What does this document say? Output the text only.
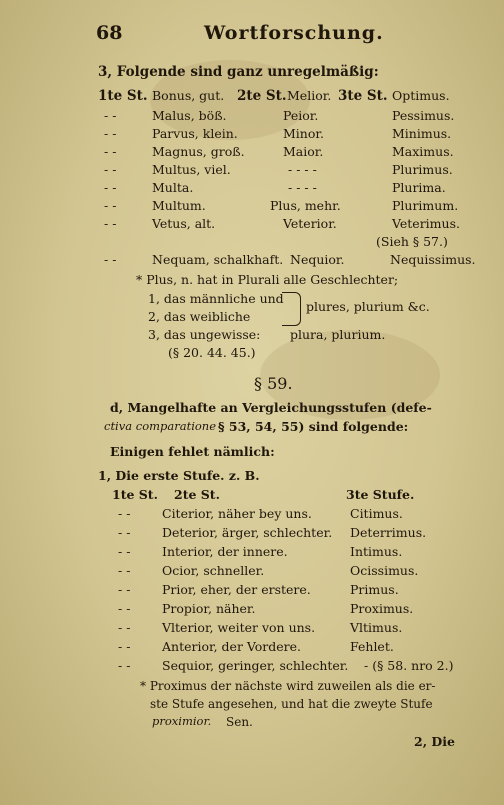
68	Wortforschung.
3, Folgende sind ganz unregelmäßig:
1te St. Bonus, gut. 2te St. Melior. 3te St. Optimus.
- -	Malus, böß.	Peior.	Pessimus.
- -	Parvus, klein.	Minor.	Minimus.
- -	Magnus, groß.	Maior.	Maximus.
- -	Multus, viel.	- - - -	Plurimus.
- -	Multa.	- - - -	Plurima.
- -	Multum.	Plus, mehr.	Plurimum.
- -	Vetus, alt.	Veterior.	Veterimus.
(Sieh § 57.)
- -	Nequam, schalkhaft. Nequior.	Nequissimus.
* Plus, n. hat in Plurali alle Geschlechter;
1, das männliche und
2, das weibliche
plures, plurium &c.
3, das ungewisse: plura, plurium.
(§ 20. 44. 45.)
§ 59.
d, Mangelhafte an Vergleichungsstufen (defe-
ctiva comparatione § 53, 54, 55) sind folgende:
Einigen fehlet nämlich:
1, Die erste Stufe. z. B.
1te St. 2te St.	3te Stufe.
- -	Citerior, näher bey uns.	Citimus.
- -	Deterior, ärger, schlechter. Deterrimus.
- -	Interior, der innere.	Intimus.
- -	Ocior, schneller.	Ocissimus.
- -	Prior, eher, der erstere.	Primus.
- -	Propior, näher.	Proximus.
- -	Vlterior, weiter von uns.	Vltimus.
- -	Anterior, der Vordere.	Fehlet.
- -	Sequior, geringer, schlechter. - (§ 58. nro 2.)
* Proximus der nächste wird zuweilen als die er-
ste Stufe angesehen, und hat die zweyte Stufe
proximior. Sen.
2, Die
